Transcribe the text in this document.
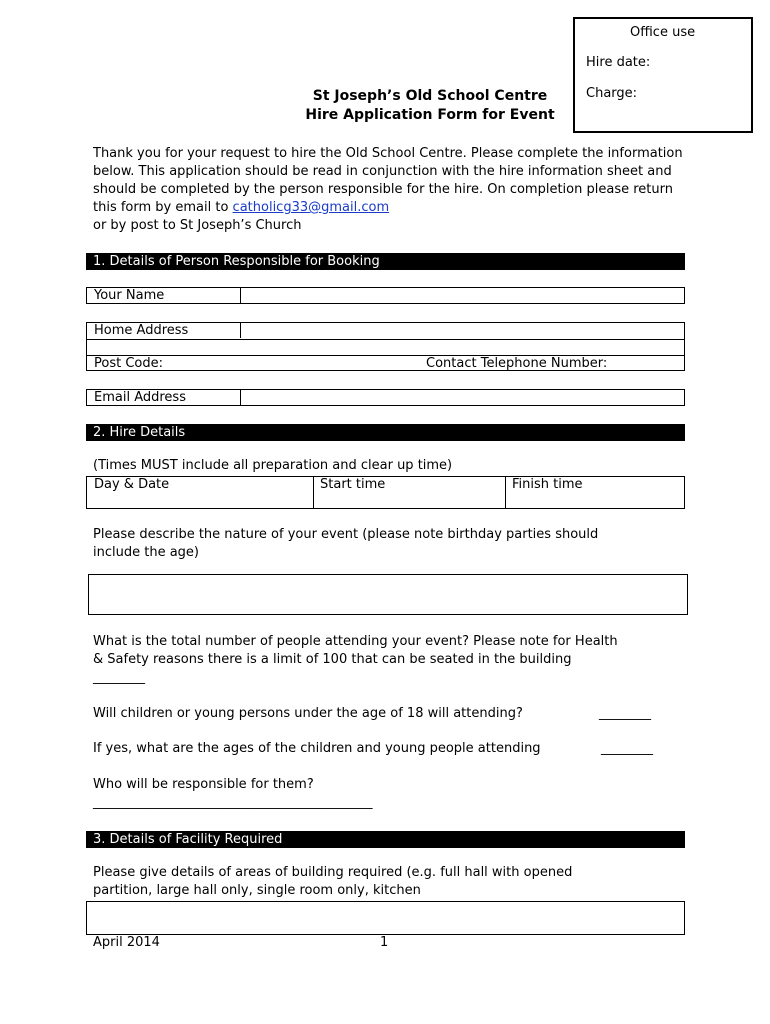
Office use
Hire date:
Charge:
St Joseph’s Old School Centre
Hire Application Form for Event
Thank you for your request to hire the Old School Centre. Please complete the information below. This application should be read in conjunction with the hire information sheet and should be completed by the person responsible for the hire. On completion please return this form by email to catholicg33@gmail.com
or by post to St Joseph’s Church
1. Details of Person Responsible for Booking
Your Name
Home Address
Post Code:	Contact Telephone Number:
Email Address
2. Hire Details
(Times MUST include all preparation and clear up time)
Day & Date	Start time	Finish time
Please describe the nature of your event (please note birthday parties should
include the age)
What is the total number of people attending your event? Please note for Health
& Safety reasons there is a limit of 100 that can be seated in the building
________
Will children or young persons under the age of 18 will attending?	________
If yes, what are the ages of the children and young people attending	________
Who will be responsible for them?
___________________________________________
3. Details of Facility Required
Please give details of areas of building required (e.g. full hall with opened
partition, large hall only, single room only, kitchen
April 2014	1
